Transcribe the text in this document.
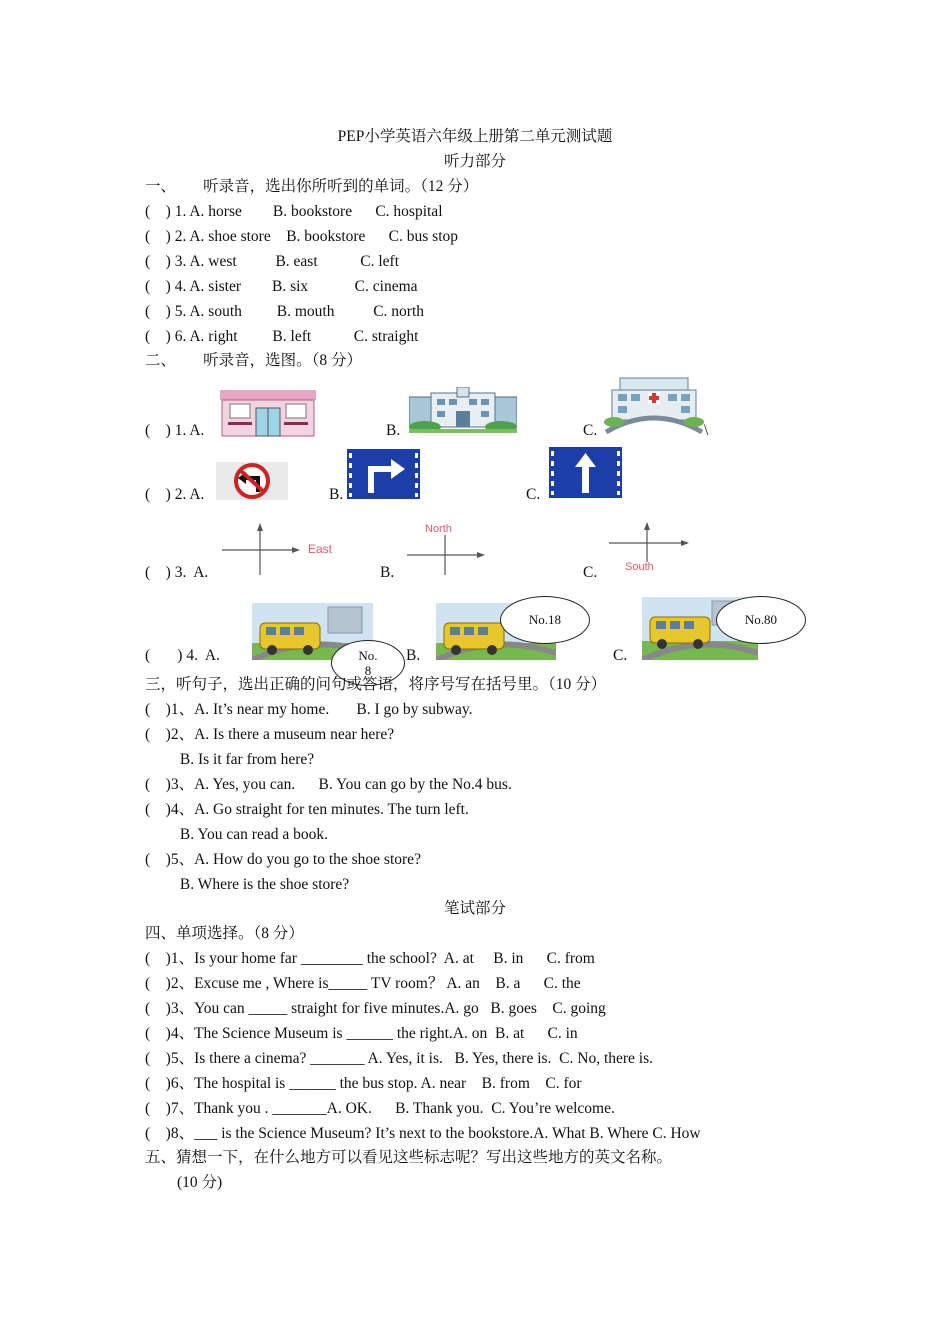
PEP小学英语六年级上册第二单元测试题
听力部分
一、       听录音，选出你所听到的单词。（12 分）
(    ) 1. A. horse        B. bookstore      C. hospital
(    ) 2. A. shoe store    B. bookstore      C. bus stop
(    ) 3. A. west          B. east           C. left
(    ) 4. A. sister        B. six            C. cinema
(    ) 5. A. south         B. mouth          C. north
(    ) 6. A. right         B. left           C. straight
二、       听录音，选图。（8 分）
(    ) 1. A.	B.	C.	\
(    ) 2. A.	B.	C.
(    ) 3.  A.
East
B.
North
C.	South
(       ) 4.  A.	No.
8
B.
No.18
C.
No.80
三，听句子，选出正确的问句或答语，将序号写在括号里。（10 分）
(    )1、A. It’s near my home.       B. I go by subway.
(    )2、A. Is there a museum near here?
B. Is it far from here?
(    )3、A. Yes, you can.      B. You can go by the No.4 bus.
(    )4、A. Go straight for ten minutes. The turn left.
B. You can read a book.
(    )5、A. How do you go to the shoe store?
B. Where is the shoe store?
笔试部分
四、单项选择。（8 分）
(    )1、Is your home far ________ the school?  A. at     B. in      C. from
(    )2、Excuse me , Where is_____ TV room？ A. an    B. a      C. the
(    )3、You can _____ straight for five minutes.A. go   B. goes    C. going
(    )4、The Science Museum is ______ the right.A. on  B. at      C. in
(    )5、Is there a cinema? _______ A. Yes, it is.   B. Yes, there is.  C. No, there is.
(    )6、The hospital is ______ the bus stop. A. near    B. from    C. for
(    )7、Thank you . _______A. OK.      B. Thank you.  C. You’re welcome.
(    )8、___ is the Science Museum? It’s next to the bookstore.A. What B. Where C. How
五、猜想一下，在什么地方可以看见这些标志呢？写出这些地方的英文名称。
(10 分)
